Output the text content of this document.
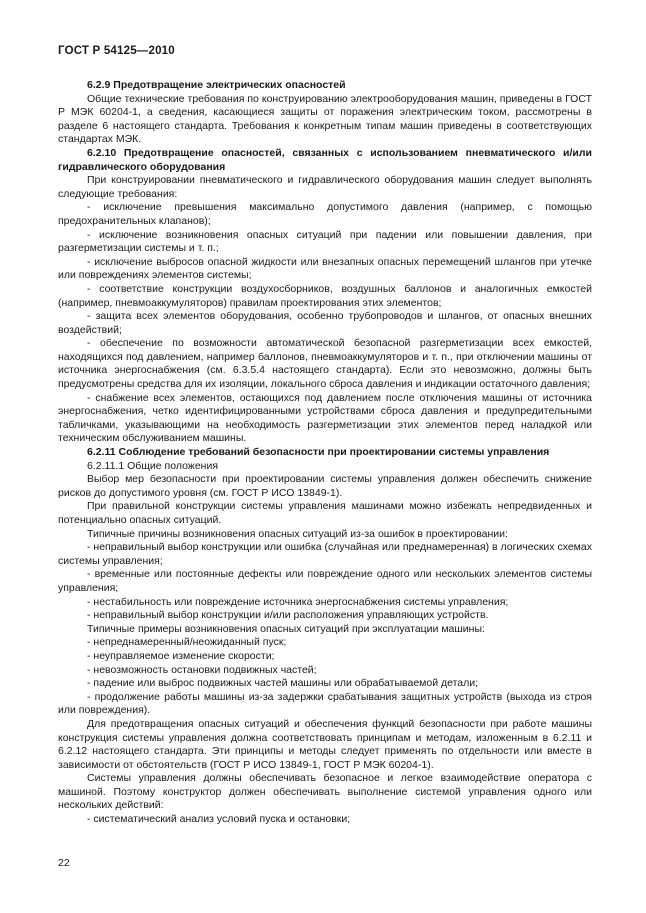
ГОСТ Р 54125—2010

6.2.9 Предотвращение электрических опасностей

Общие технические требования по конструированию электрооборудования машин, приведены в ГОСТ Р МЭК 60204-1, а сведения, касающиеся защиты от поражения электрическим током, рассмотрены в разделе 6 настоящего стандарта. Требования к конкретным типам машин приведены в соответствующих стандартах МЭК.

6.2.10 Предотвращение опасностей, связанных с использованием пневматического и/или гидравлического оборудования

При конструировании пневматического и гидравлического оборудования машин следует выполнять следующие требования:

- исключение превышения максимально допустимого давления (например, с помощью предохранительных клапанов);

- исключение возникновения опасных ситуаций при падении или повышении давления, при разгерметизации системы и т. п.;

- исключение выбросов опасной жидкости или внезапных опасных перемещений шлангов при утечке или повреждениях элементов системы;

- соответствие конструкции воздухосборников, воздушных баллонов и аналогичных емкостей (например, пневмоаккумуляторов) правилам проектирования этих элементов;

- защита всех элементов оборудования, особенно трубопроводов и шлангов, от опасных внешних воздействий;

- обеспечение по возможности автоматической безопасной разгерметизации всех емкостей, находящихся под давлением, например баллонов, пневмоаккумуляторов и т. п., при отключении машины от источника энергоснабжения (см. 6.3.5.4 настоящего стандарта). Если это невозможно, должны быть предусмотрены средства для их изоляции, локального сброса давления и индикации остаточного давления;

- снабжение всех элементов, остающихся под давлением после отключения машины от источника энергоснабжения, четко идентифицированными устройствами сброса давления и предупредительными табличками, указывающими на необходимость разгерметизации этих элементов перед наладкой или техническим обслуживанием машины.

6.2.11 Соблюдение требований безопасности при проектировании системы управления

6.2.11.1 Общие положения

Выбор мер безопасности при проектировании системы управления должен обеспечить снижение рисков до допустимого уровня (см. ГОСТ Р ИСО 13849-1).

При правильной конструкции системы управления машинами можно избежать непредвиденных и потенциально опасных ситуаций.

Типичные причины возникновения опасных ситуаций из-за ошибок в проектировании:

- неправильный выбор конструкции или ошибка (случайная или преднамеренная) в логических схемах системы управления;

- временные или постоянные дефекты или повреждение одного или нескольких элементов системы управления;

- нестабильность или повреждение источника энергоснабжения системы управления;

- неправильный выбор конструкции и/или расположения управляющих устройств.

Типичные примеры возникновения опасных ситуаций при эксплуатации машины:

- непреднамеренный/неожиданный пуск;

- неуправляемое изменение скорости;

- невозможность остановки подвижных частей;

- падение или выброс подвижных частей машины или обрабатываемой детали;

- продолжение работы машины из-за задержки срабатывания защитных устройств (выхода из строя или повреждения).

Для предотвращения опасных ситуаций и обеспечения функций безопасности при работе машины конструкция системы управления должна соответствовать принципам и методам, изложенным в 6.2.11 и 6.2.12 настоящего стандарта. Эти принципы и методы следует применять по отдельности или вместе в зависимости от обстоятельств (ГОСТ Р ИСО 13849-1, ГОСТ Р МЭК 60204-1).

Системы управления должны обеспечивать безопасное и легкое взаимодействие оператора с машиной. Поэтому конструктор должен обеспечивать выполнение системой управления одного или нескольких действий:

- систематический анализ условий пуска и остановки;

22
